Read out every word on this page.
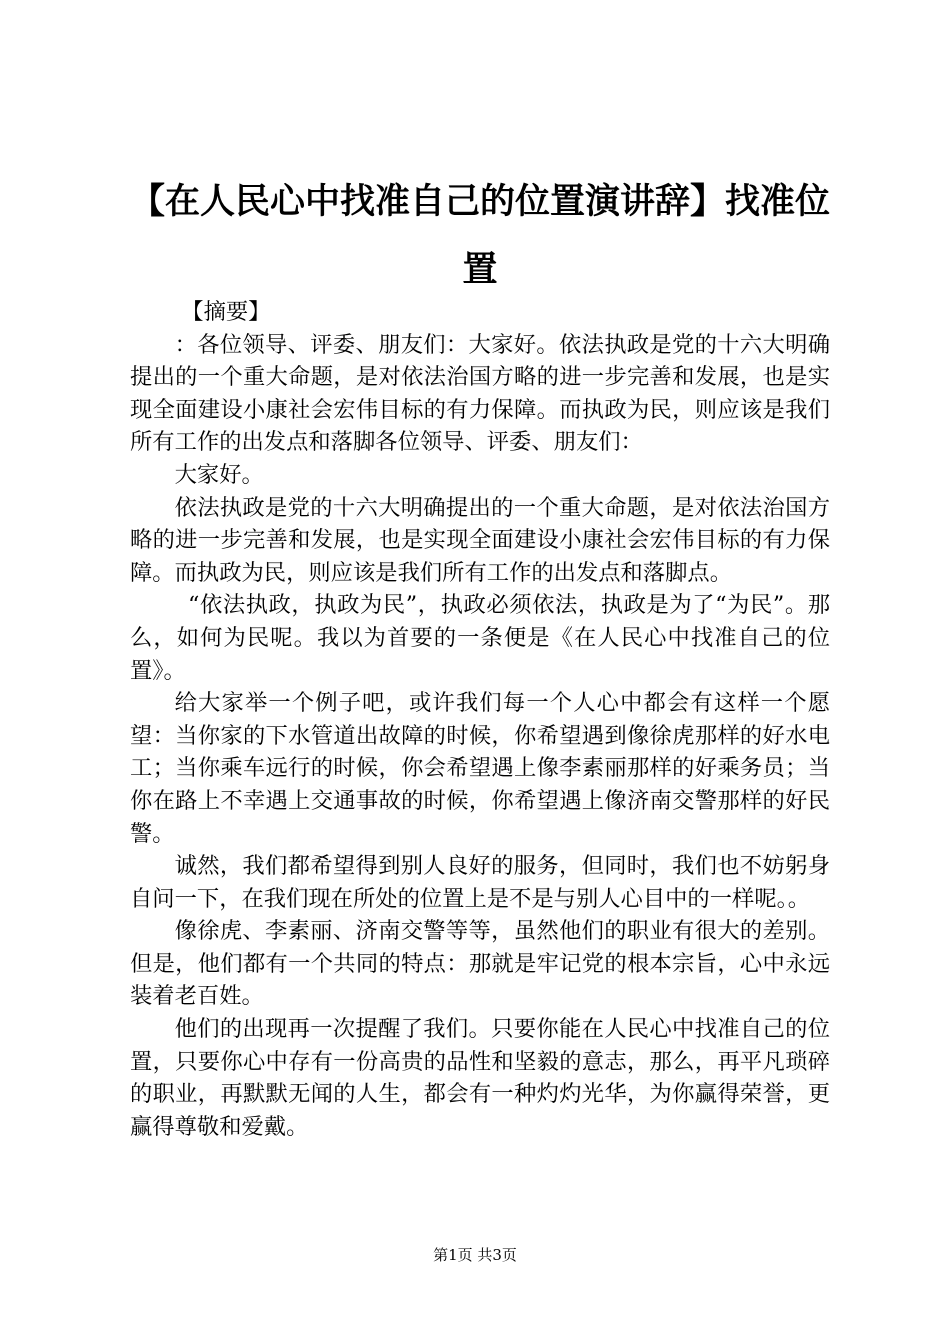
【在人民心中找准自己的位置演讲辞】找准位置

【摘要】

：各位领导、评委、朋友们：大家好。依法执政是党的十六大明确提出的一个重大命题，是对依法治国方略的进一步完善和发展，也是实现全面建设小康社会宏伟目标的有力保障。而执政为民，则应该是我们所有工作的出发点和落脚各位领导、评委、朋友们：

大家好。

依法执政是党的十六大明确提出的一个重大命题，是对依法治国方略的进一步完善和发展，也是实现全面建设小康社会宏伟目标的有力保障。而执政为民，则应该是我们所有工作的出发点和落脚点。

“依法执政，执政为民”，执政必须依法，执政是为了“为民”。那么，如何为民呢。我以为首要的一条便是《在人民心中找准自己的位置》。

给大家举一个例子吧，或许我们每一个人心中都会有这样一个愿望：当你家的下水管道出故障的时候，你希望遇到像徐虎那样的好水电工；当你乘车远行的时候，你会希望遇上像李素丽那样的好乘务员；当你在路上不幸遇上交通事故的时候，你希望遇上像济南交警那样的好民警。

诚然，我们都希望得到别人良好的服务，但同时，我们也不妨躬身自问一下，在我们现在所处的位置上是不是与别人心目中的一样呢。。

像徐虎、李素丽、济南交警等等，虽然他们的职业有很大的差别。但是，他们都有一个共同的特点：那就是牢记党的根本宗旨，心中永远装着老百姓。

他们的出现再一次提醒了我们。只要你能在人民心中找准自己的位置，只要你心中存有一份高贵的品性和坚毅的意志，那么，再平凡琐碎的职业，再默默无闻的人生，都会有一种灼灼光华，为你赢得荣誉，更赢得尊敬和爱戴。

第1页 共3页
